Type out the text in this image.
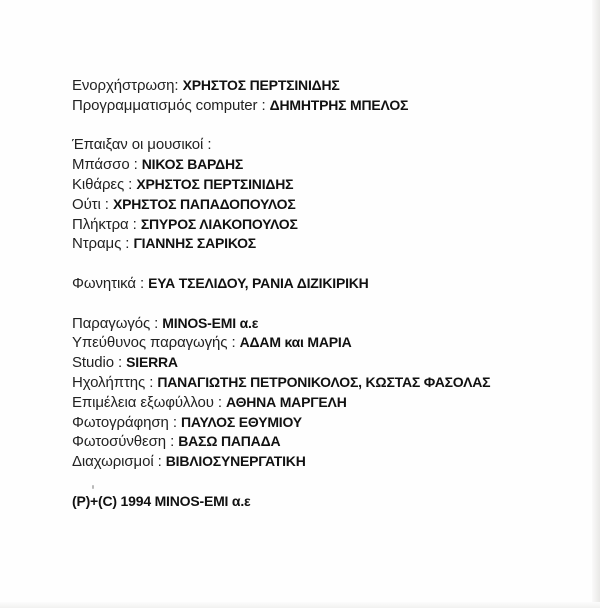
Ενορχήστρωση: ΧΡΗΣΤΟΣ ΠΕΡΤΣΙΝΙΔΗΣ
Προγραμματισμός computer : ΔΗΜΗΤΡΗΣ ΜΠΕΛΟΣ
Έπαιξαν οι μουσικοί :
Μπάσσο : ΝΙΚΟΣ ΒΑΡΔΗΣ
Κιθάρες : ΧΡΗΣΤΟΣ ΠΕΡΤΣΙΝΙΔΗΣ
Ούτι : ΧΡΗΣΤΟΣ ΠΑΠΑΔΟΠΟΥΛΟΣ
Πλήκτρα : ΣΠΥΡΟΣ ΛΙΑΚΟΠΟΥΛΟΣ
Ντραμς : ΓΙΑΝΝΗΣ ΣΑΡΙΚΟΣ
Φωνητικά : ΕΥΑ ΤΣΕΛΙΔΟΥ, ΡΑΝΙΑ ΔΙΖΙΚΙΡΙΚΗ
Παραγωγός : MINOS-EMI α.ε
Υπεύθυνος παραγωγής : ΑΔΑΜ και ΜΑΡΙΑ
Studio : SIERRA
Ηχολήπτης : ΠΑΝΑΓΙΩΤΗΣ ΠΕΤΡΟΝΙΚΟΛΟΣ, ΚΩΣΤΑΣ ΦΑΣΟΛΑΣ
Επιμέλεια εξωφύλλου : ΑΘΗΝΑ ΜΑΡΓΕΛΗ
Φωτογράφηση : ΠΑΥΛΟΣ ΕΘΥΜΙΟΥ
Φωτοσύνθεση : ΒΑΣΩ ΠΑΠΑΔΑ
Διαχωρισμοί : ΒΙΒΛΙΟΣΥΝΕΡΓΑΤΙΚΗ
(P)+(C) 1994 MINOS-EMI α.ε
